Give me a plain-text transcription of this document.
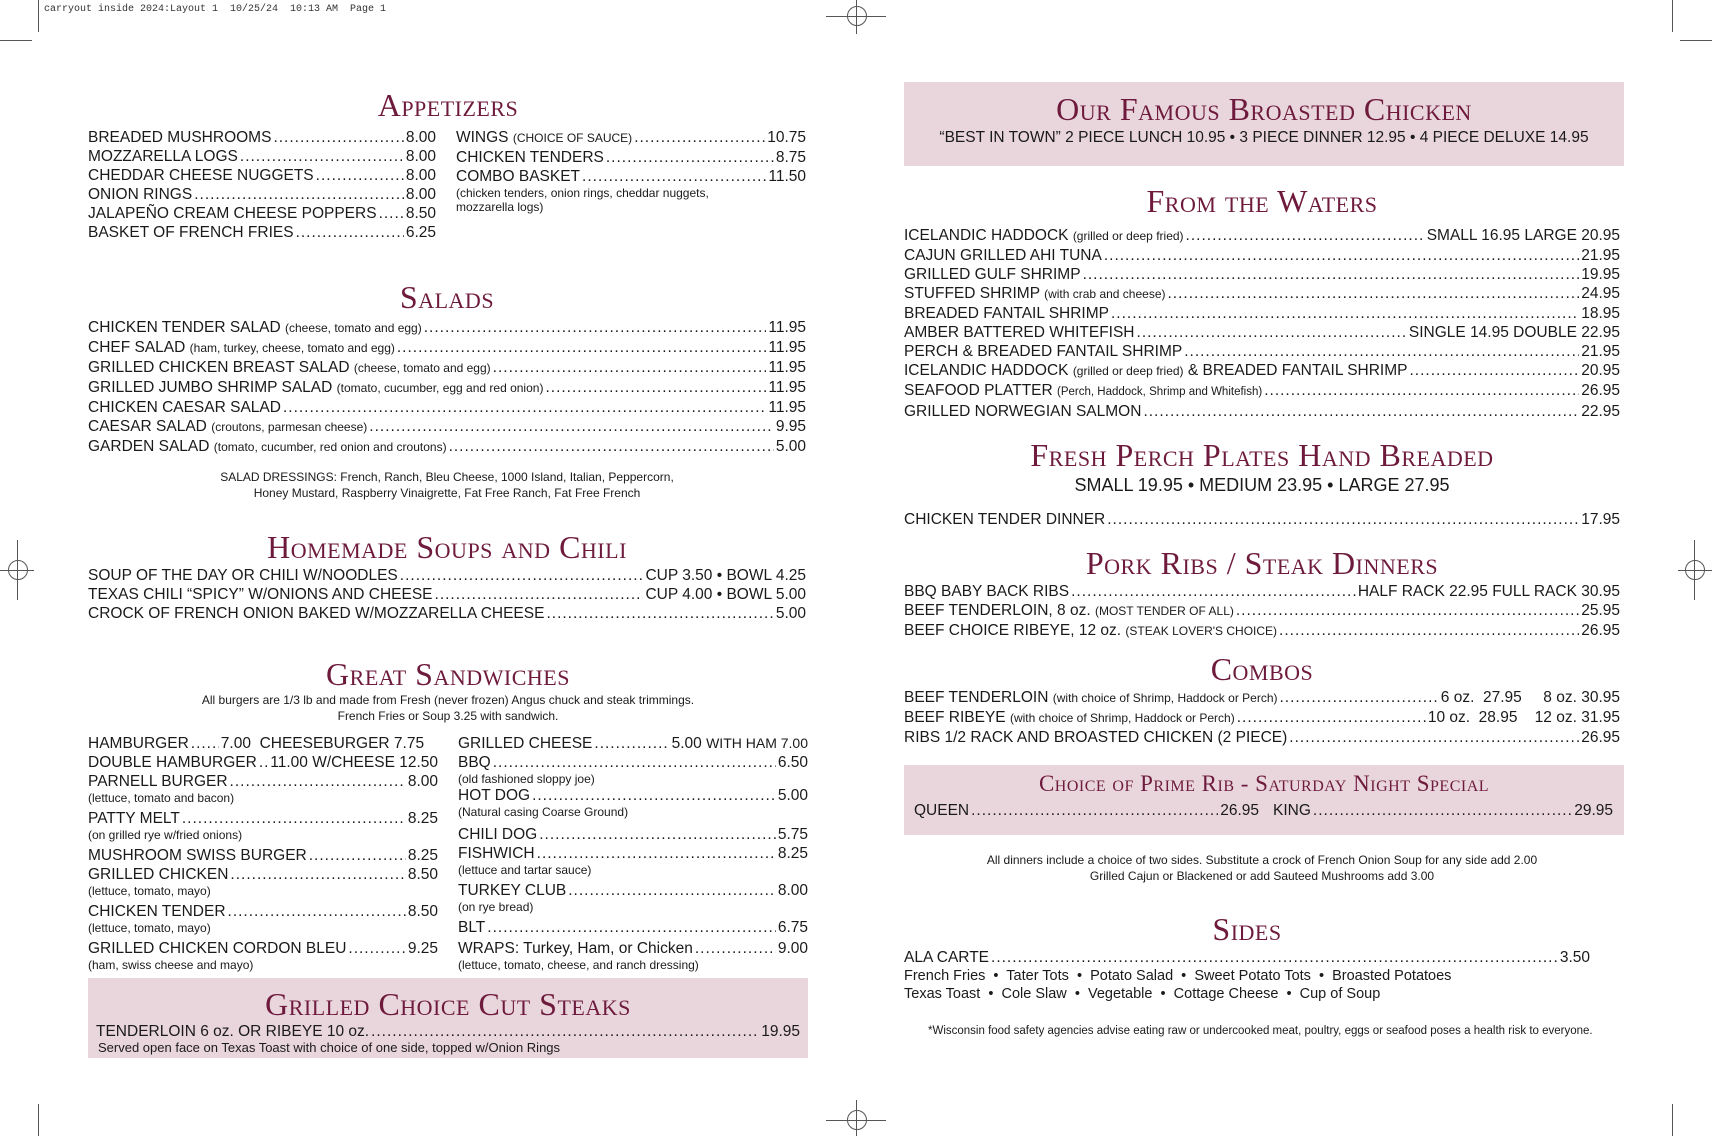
carryout inside 2024:Layout 1  10/25/24  10:13 AM  Page 1
Appetizers
BREADED MUSHROOMS .....	8.00
MOZZARELLA LOGS .....	8.00
CHEDDAR CHEESE NUGGETS .....	8.00
ONION RINGS .....	8.00
JALAPEÑO CREAM CHEESE POPPERS ..... 8.50
BASKET OF FRENCH FRIES .....	6.25
WINGS (CHOICE OF SAUCE) .....	10.75
CHICKEN TENDERS .....	8.75
COMBO BASKET .....	11.50
(chicken tenders, onion rings, cheddar nuggets, mozzarella logs)
Salads
CHICKEN TENDER SALAD (cheese, tomato and egg) .....	11.95
CHEF SALAD (ham, turkey, cheese, tomato and egg) .....	11.95
GRILLED CHICKEN BREAST SALAD (cheese, tomato and egg) .....	11.95
GRILLED JUMBO SHRIMP SALAD (tomato, cucumber, egg and red onion) .....	11.95
CHICKEN CAESAR SALAD .....	11.95
CAESAR SALAD (croutons, parmesan cheese) .....	9.95
GARDEN SALAD (tomato, cucumber, red onion and croutons) .....	5.00
SALAD DRESSINGS: French, Ranch, Bleu Cheese, 1000 Island, Italian, Peppercorn,
Honey Mustard, Raspberry Vinaigrette, Fat Free Ranch, Fat Free French
Homemade Soups and Chili
SOUP OF THE DAY OR CHILI W/NOODLES .....	CUP 3.50 • BOWL 4.25
TEXAS CHILI “SPICY” W/ONIONS AND CHEESE .....	CUP 4.00 • BOWL 5.00
CROCK OF FRENCH ONION BAKED W/MOZZARELLA CHEESE .....	5.00
Great Sandwiches
All burgers are 1/3 lb and made from Fresh (never frozen) Angus chuck and steak trimmings.
French Fries or Soup 3.25 with sandwich.
HAMBURGER ..... 7.00 CHEESEBURGER 7.75
DOUBLE HAMBURGER ..... 11.00 W/CHEESE 12.50
PARNELL BURGER .....	8.00
(lettuce, tomato and bacon)
PATTY MELT .....	8.25
(on grilled rye w/fried onions)
MUSHROOM SWISS BURGER .....	8.25
GRILLED CHICKEN .....	8.50
(lettuce, tomato, mayo)
CHICKEN TENDER .....	8.50
(lettuce, tomato, mayo)
GRILLED CHICKEN CORDON BLEU .....	9.25
(ham, swiss cheese and mayo)
GRILLED CHEESE .....	5.00 WITH HAM 7.00
BBQ .....	6.50
(old fashioned sloppy joe)
HOT DOG .....	5.00
(Natural casing Coarse Ground)
CHILI DOG .....	5.75
FISHWICH .....	8.25
(lettuce and tartar sauce)
TURKEY CLUB .....	8.00
(on rye bread)
BLT .....	6.75
WRAPS: Turkey, Ham, or Chicken .....	9.00
(lettuce, tomato, cheese, and ranch dressing)
Grilled Choice Cut Steaks
TENDERLOIN 6 oz. OR RIBEYE 10 oz. .....	19.95
Served open face on Texas Toast with choice of one side, topped w/Onion Rings
Our Famous Broasted Chicken
“BEST IN TOWN” 2 PIECE LUNCH 10.95 • 3 PIECE DINNER 12.95 • 4 PIECE DELUXE 14.95
From the Waters
ICELANDIC HADDOCK (grilled or deep fried) .....	SMALL 16.95 LARGE 20.95
CAJUN GRILLED AHI TUNA .....	21.95
GRILLED GULF SHRIMP .....	19.95
STUFFED SHRIMP (with crab and cheese) .....	24.95
BREADED FANTAIL SHRIMP .....	18.95
AMBER BATTERED WHITEFISH .....	SINGLE 14.95 DOUBLE 22.95
PERCH & BREADED FANTAIL SHRIMP .....	21.95
ICELANDIC HADDOCK (grilled or deep fried) & BREADED FANTAIL SHRIMP .....	20.95
SEAFOOD PLATTER (Perch, Haddock, Shrimp and Whitefish) .....	26.95
GRILLED NORWEGIAN SALMON .....	22.95
Fresh Perch Plates Hand Breaded
SMALL 19.95 • MEDIUM 23.95 • LARGE 27.95
CHICKEN TENDER DINNER .....	17.95
Pork Ribs / Steak Dinners
BBQ BABY BACK RIBS .....	HALF RACK 22.95 FULL RACK 30.95
BEEF TENDERLOIN, 8 oz. (MOST TENDER OF ALL) .....	25.95
BEEF CHOICE RIBEYE, 12 oz. (STEAK LOVER'S CHOICE) .....	26.95
Combos
BEEF TENDERLOIN (with choice of Shrimp, Haddock or Perch) .....	6 oz.  27.95     8 oz. 30.95
BEEF RIBEYE (with choice of Shrimp, Haddock or Perch) .....	10 oz.  28.95    12 oz. 31.95
RIBS 1/2 RACK AND BROASTED CHICKEN (2 PIECE) .....	26.95
Choice of Prime Rib - Saturday Night Special
QUEEN .....	26.95 KING .....	29.95
All dinners include a choice of two sides. Substitute a crock of French Onion Soup for any side add 2.00
Grilled Cajun or Blackened or add Sauteed Mushrooms add 3.00
Sides
ALA CARTE .....	3.50
French Fries  •  Tater Tots  •  Potato Salad  •  Sweet Potato Tots  •  Broasted Potatoes
Texas Toast  •  Cole Slaw  •  Vegetable  •  Cottage Cheese  •  Cup of Soup
*Wisconsin food safety agencies advise eating raw or undercooked meat, poultry, eggs or seafood poses a health risk to everyone.
